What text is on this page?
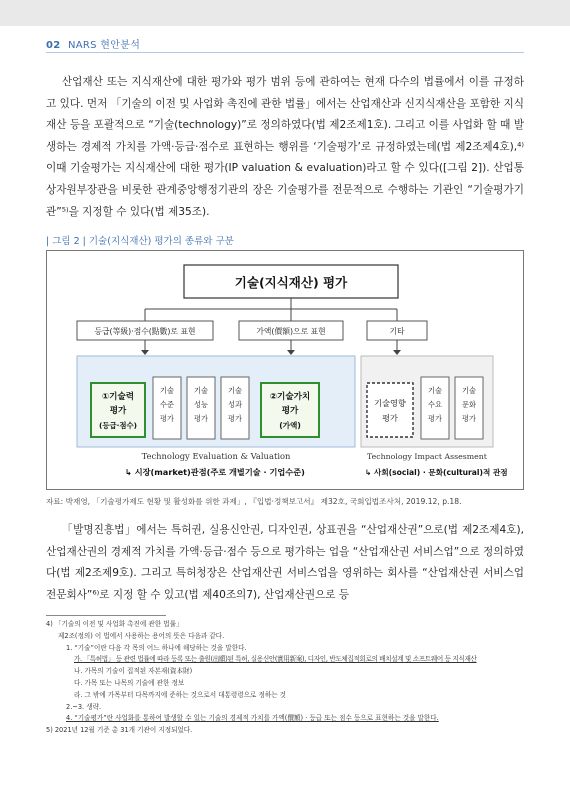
02 NARS 현안분석

산업재산 또는 지식재산에 대한 평가와 평가 범위 등에 관하여는 현재 다수의 법률에서 이를 규정하고 있다. 먼저 「기술의 이전 및 사업화 촉진에 관한 법률」에서는 산업재산과 신지식재산을 포함한 지식재산 등을 포괄적으로 “기술(technology)”로 정의하였다(법 제2조제1호). 그리고 이를 사업화 할 때 발생하는 경제적 가치를 가액·등급·점수로 표현하는 행위를 ‘기술평가’로 규정하였는데(법 제2조제4호),⁴⁾ 이때 기술평가는 지식재산에 대한 평가(IP valuation & evaluation)라고 할 수 있다([그림 2]). 산업통상자원부장관을 비롯한 관계중앙행정기관의 장은 기술평가를 전문적으로 수행하는 기관인 “기술평가기관”⁵⁾을 지정할 수 있다(법 제35조).

| 그림 2 | 기술(지식재산) 평가의 종류와 구분
기술(지식재산) 평가
등급(等級)·점수(點數)로 표현	가액(價額)으로 표현	기타
①기술력
평가
(등급·점수)
기술
수준
평가
기술
성능
평가
기술
성과
평가
②기술가치
평가
(가액)
기술영향
평가
기술
수요
평가
기술
문화
평가
Technology Evaluation & Valuation	Technology Impact Assesment
↳ 시장(market)관점(주로 개별기술 · 기업수준)	↳ 사회(social) · 문화(cultural)적 관점
자료: 박재영, 「기술평가제도 현황 및 활성화를 위한 과제」, 『입법·정책보고서』 제32호, 국회입법조사처, 2019.12, p.18.

「발명진흥법」에서는 특허권, 실용신안권, 디자인권, 상표권을 “산업재산권”으로(법 제2조제4호), 산업재산권의 경제적 가치를 가액·등급·점수 등으로 평가하는 업을 “산업재산권 서비스업”으로 정의하였다(법 제2조제9호). 그리고 특허청장은 산업재산권 서비스업을 영위하는 회사를 “산업재산권 서비스업 전문회사”⁶⁾로 지정 할 수 있고(법 제40조의7), 산업재산권으로 등

4) 「기술의 이전 및 사업화 촉진에 관한 법률」
제2조(정의) 이 법에서 사용하는 용어의 뜻은 다음과 같다.
1. “기술”이란 다음 각 목의 어느 하나에 해당하는 것을 말한다.
가. 「특허법」 등 관련 법률에 따라 등록 또는 출원(出願)된 특허, 실용신안(實用新案), 디자인, 반도체집적회로의 배치설계 및 소프트웨어 등 지식재산
나. 가목의 기술이 집적된 자본재(資本財)
다. 가목 또는 나목의 기술에 관한 정보
라. 그 밖에 가목부터 다목까지에 준하는 것으로서 대통령령으로 정하는 것
2.~3. 생략.
4. “기술평가”란 사업화를 통하여 발생할 수 있는 기술의 경제적 가치를 가액(價額) · 등급 또는 점수 등으로 표현하는 것을 말한다.
5) 2021년 12월 기준 총 31개 기관이 지정되었다.
